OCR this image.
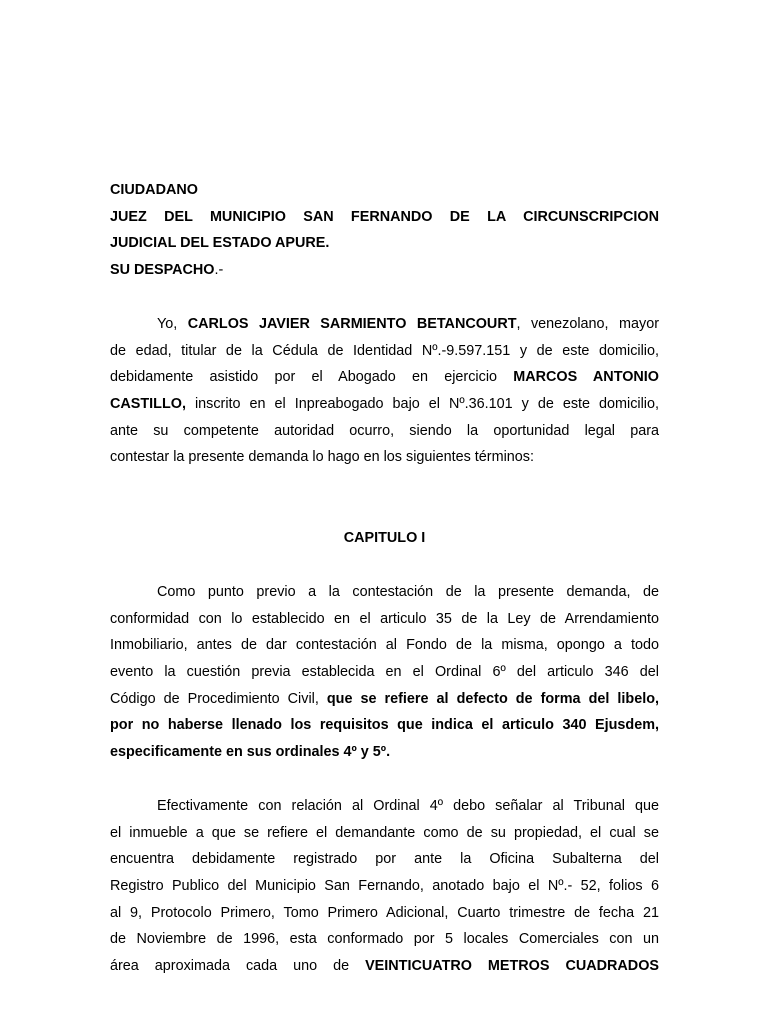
CIUDADANO
JUEZ DEL MUNICIPIO SAN FERNANDO DE LA CIRCUNSCRIPCION
JUDICIAL DEL ESTADO APURE.
SU DESPACHO.-
Yo, CARLOS JAVIER SARMIENTO BETANCOURT, venezolano, mayor
de edad, titular de la Cédula de Identidad Nº.-9.597.151 y de este domicilio,
debidamente asistido por el Abogado en ejercicio MARCOS ANTONIO
CASTILLO, inscrito en el Inpreabogado bajo el Nº.36.101 y de este domicilio,
ante su competente autoridad ocurro, siendo la oportunidad legal para
contestar la presente demanda lo hago en los siguientes términos:
CAPITULO I
Como punto previo a la contestación de la presente demanda, de
conformidad con lo establecido en el articulo 35 de la Ley de Arrendamiento
Inmobiliario, antes de dar contestación al Fondo de la misma, opongo a todo
evento la cuestión previa establecida en el Ordinal 6º del articulo 346 del
Código de Procedimiento Civil, que se refiere al defecto de forma del libelo,
por no haberse llenado los requisitos que indica el articulo 340 Ejusdem,
especificamente en sus ordinales 4º y 5º.
Efectivamente con relación al Ordinal 4º debo señalar al Tribunal que
el inmueble a que se refiere el demandante como de su propiedad, el cual se
encuentra debidamente registrado por ante la Oficina Subalterna del
Registro Publico del Municipio San Fernando, anotado bajo el Nº.- 52, folios 6
al 9, Protocolo Primero, Tomo Primero Adicional, Cuarto trimestre de fecha 21
de Noviembre de 1996, esta conformado por 5 locales Comerciales con un
área aproximada cada uno de VEINTICUATRO METROS CUADRADOS
